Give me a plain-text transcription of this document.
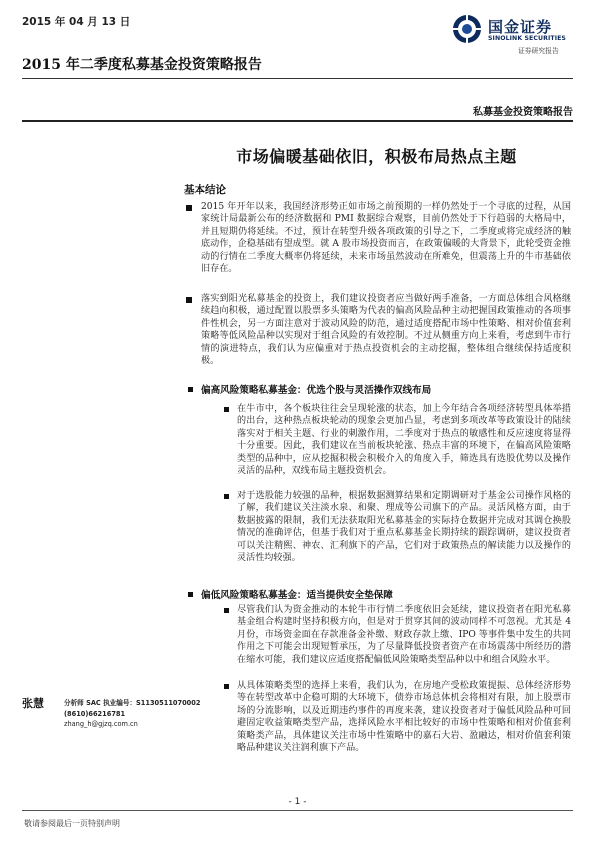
2015 年 04 月 13 日	国金证券
SINOLINK SECURITIES
证券研究报告
2015 年二季度私募基金投资策略报告
私募基金投资策略报告
市场偏暖基础依旧，积极布局热点主题
基本结论
2015 年开年以来，我国经济形势正如市场之前预期的一样仍然处于一个寻底的过程，从国家统计局最新公布的经济数据和 PMI 数据综合观察，目前仍然处于下行趋弱的大格局中，并且短期仍将延续。不过，预计在转型升级各项政策的引导之下，二季度或将完成经济的触底动作，企稳基础有望成型。就 A 股市场投资而言，在政策偏暖的大背景下，此轮受资金推动的行情在二季度大概率仍将延续，未来市场虽然波动在所难免，但震荡上升的牛市基础依旧存在。
落实到阳光私募基金的投资上，我们建议投资者应当做好两手准备，一方面总体组合风格继续趋向积极，通过配置以股票多头策略为代表的偏高风险品种主动把握国政策推动的各项事件性机会，另一方面注意对于波动风险的防范，通过适度搭配市场中性策略、相对价值套利策略等低风险品种以实现对于组合风险的有效控制。不过从侧重方向上来看，考虑到牛市行情的演进特点，我们认为应偏重对于热点投资机会的主动挖掘，整体组合继续保持适度积极。
偏高风险策略私募基金：优选个股与灵活操作双线布局
在牛市中，各个板块往往会呈现轮涨的状态，加上今年结合各项经济转型具体举措的出台，这种热点板块轮动的现象会更加凸显，考虑到多项改革等政策设计的陆续落实对于相关主题、行业的刺激作用，二季度对于热点的敏感性和反应速度将显得十分重要。因此，我们建议在当前板块轮涨、热点丰富的环境下，在偏高风险策略类型的品种中，应从挖掘积极会积极介入的角度入手，筛选具有选股优势以及操作灵活的品种，双线布局主题投资机会。
对于选股能力较强的品种，根据数据测算结果和定期调研对于基金公司操作风格的了解，我们建议关注淡水泉、和聚、理成等公司旗下的产品。灵活风格方面，由于数据披露的限制，我们无法获取阳光私募基金的实际持仓数据并完成对其调仓换股情况的准确评估，但基于我们对于重点私募基金长期持续的跟踪调研，建议投资者可以关注精熙、神农、汇利旗下的产品，它们对于政策热点的解读能力以及操作的灵活性均较强。
偏低风险策略私募基金：适当提供安全垫保障
尽管我们认为资金推动的本轮牛市行情二季度依旧会延续，建议投资者在阳光私募基金组合构建时坚持积极方向，但是对于贯穿其间的波动同样不可忽视。尤其是 4 月份，市场资金面在存款准备金补缴、财政存款上缴、IPO 等事件集中发生的共同作用之下可能会出现短暂承压，为了尽量降低投资者资产在市场震荡中所经历的潜在缩水可能，我们建议应适度搭配偏低风险策略类型品种以中和组合风险水平。
从具体策略类型的选择上来看，我们认为，在房地产受松政策提振、总体经济形势等在转型改革中企稳可期的大环境下，债券市场总体机会将相对有限，加上股票市场的分流影响，以及近期违约事件的再度来袭，建议投资者对于偏低风险品种可回避固定收益策略类型产品，选择风险水平相比较好的市场中性策略和相对价值套利策略类产品，具体建议关注市场中性策略中的嘉石大岩、盈融达，相对价值套利策略品种建议关注润利旗下产品。
张慧	分析师 SAC 执业编号：S1130511070002
(8610)66216781
zhang_h@gjzq.com.cn
- 1 -
敬请参阅最后一页特别声明
